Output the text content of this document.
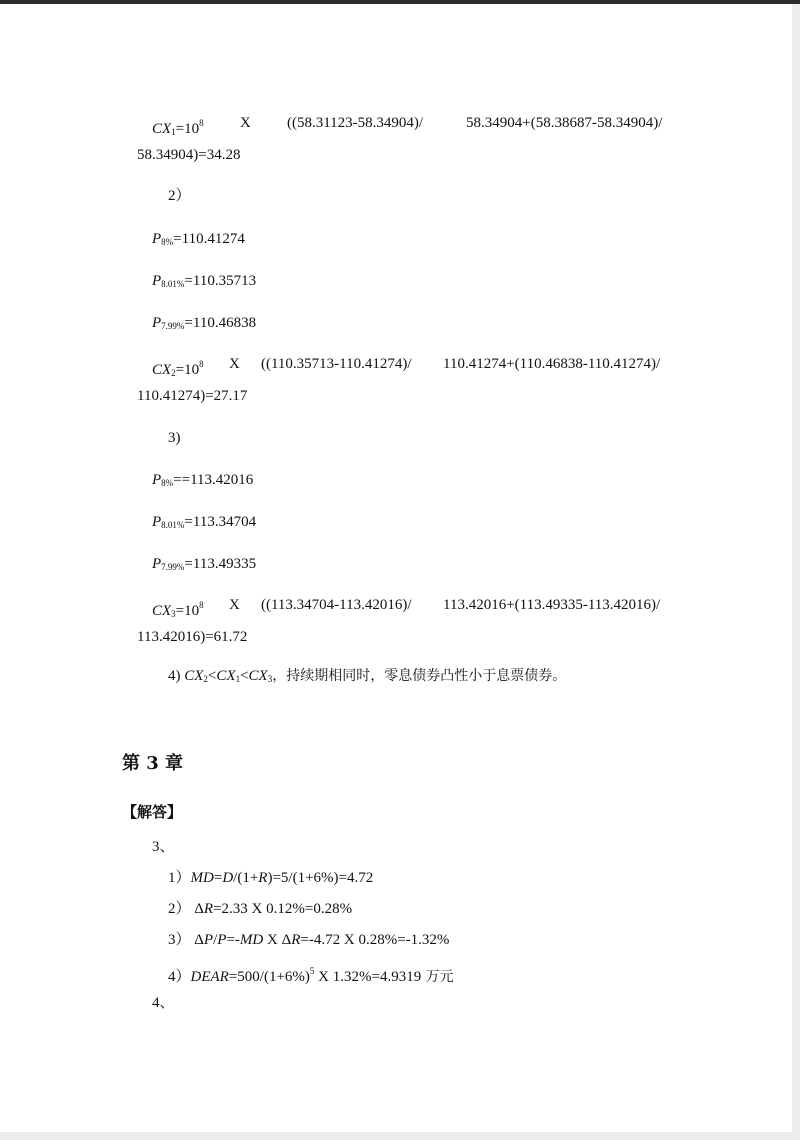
$CX_1=10^8$ X ((58.31123-58.34904)/	58.34904+(58.38687-58.34904)/
58.34904)=34.28
2）
$P_{8\%}=110.41274$
$P_{8.01\%}=110.35713$
$P_{7.99\%}=110.46838$
$CX_2=10^8$ X ((110.35713-110.41274)/ 110.41274+(110.46838-110.41274)/
110.41274)=27.17
3)
$P_{8\%}==113.42016$
$P_{8.01\%}=113.34704$
$P_{7.99\%}=113.49335$
$CX_3=10^8$ X ((113.34704-113.42016)/ 113.42016+(113.49335-113.42016)/
113.42016)=61.72
4) $CX_2<CX_1<CX_3$，持续期相同时，零息债券凸性小于息票债券。
第 3 章
【解答】
3、
1）MD=D/(1+R)=5/(1+6%)=4.72
2） ΔR=2.33 X 0.12%=0.28%
3） ΔP/P=-MD X ΔR=-4.72 X 0.28%=-1.32%
$4)DEAR=500/(1+6\%)^5$ X 1.32%=4.9319 万元
4、
